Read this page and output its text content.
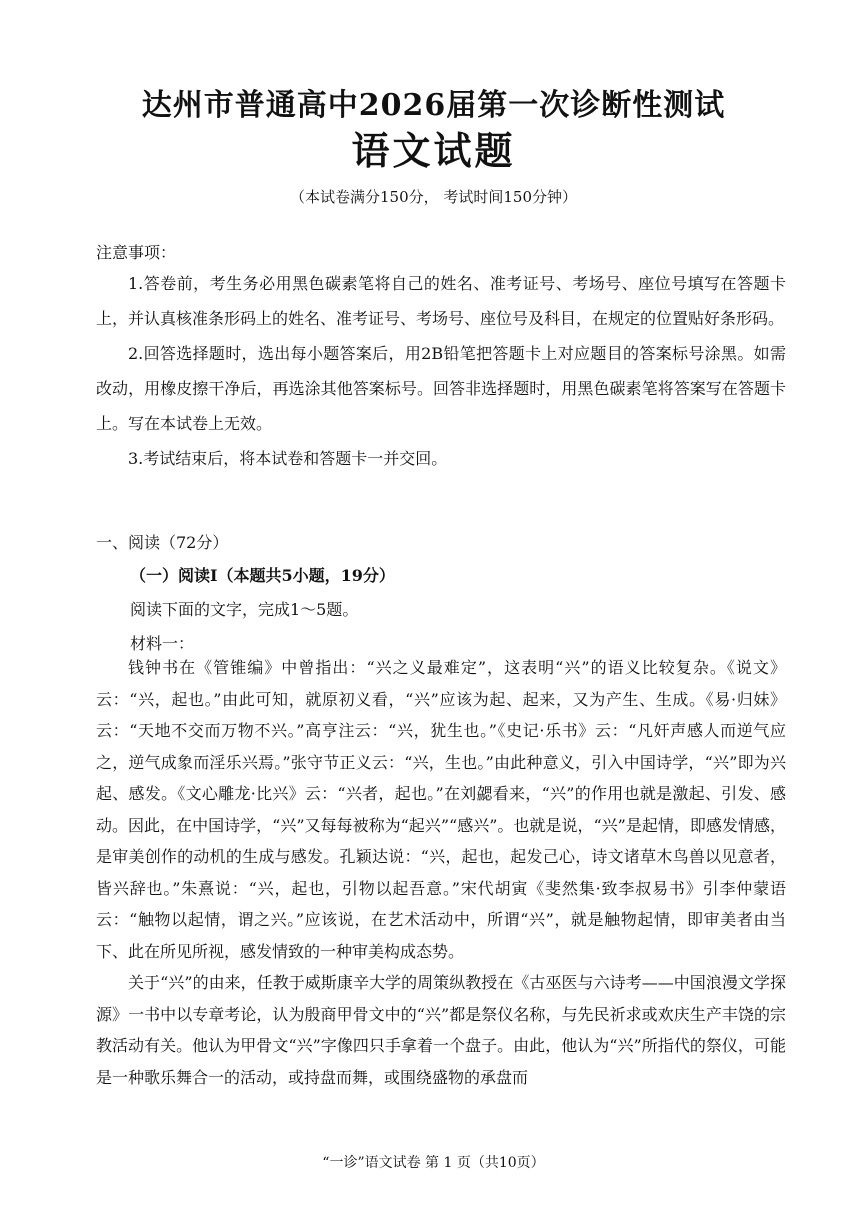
达州市普通高中2026届第一次诊断性测试
语文试题
（本试卷满分150分， 考试时间150分钟）
注意事项：

1.答卷前，考生务必用黑色碳素笔将自己的姓名、准考证号、考场号、座位号填写在答题卡上，并认真核准条形码上的姓名、准考证号、考场号、座位号及科目，在规定的位置贴好条形码。

2.回答选择题时，选出每小题答案后，用2B铅笔把答题卡上对应题目的答案标号涂黑。如需改动，用橡皮擦干净后，再选涂其他答案标号。回答非选择题时，用黑色碳素笔将答案写在答题卡上。写在本试卷上无效。

3.考试结束后，将本试卷和答题卡一并交回。

一、阅读（72分）
（一）阅读Ⅰ（本题共5小题，19分）
阅读下面的文字，完成1～5题。
材料一：

钱钟书在《管锥编》中曾指出：“兴之义最难定”，这表明“兴”的语义比较复杂。《说文》云：“兴，起也。”由此可知，就原初义看，“兴”应该为起、起来，又为产生、生成。《易·归妹》云：“天地不交而万物不兴。”高亨注云：“兴，犹生也。”《史记·乐书》云：“凡奸声感人而逆气应之，逆气成象而淫乐兴焉。”张守节正义云：“兴，生也。”由此种意义，引入中国诗学，“兴”即为兴起、感发。《文心雕龙·比兴》云：“兴者，起也。”在刘勰看来，“兴”的作用也就是激起、引发、感动。因此，在中国诗学，“兴”又每每被称为“起兴”“感兴”。也就是说，“兴”是起情，即感发情感，是审美创作的动机的生成与感发。孔颖达说：“兴，起也，起发己心，诗文诸草木鸟兽以见意者，皆兴辞也。”朱熹说：“兴，起也，引物以起吾意。”宋代胡寅《斐然集·致李叔易书》引李仲蒙语云：“触物以起情，谓之兴。”应该说，在艺术活动中，所谓“兴”，就是触物起情，即审美者由当下、此在所见所视，感发情致的一种审美构成态势。

关于“兴”的由来，任教于威斯康辛大学的周策纵教授在《古巫医与六诗考——中国浪漫文学探源》一书中以专章考论，认为殷商甲骨文中的“兴”都是祭仪名称，与先民祈求或欢庆生产丰饶的宗教活动有关。他认为甲骨文“兴”字像四只手拿着一个盘子。由此，他认为“兴”所指代的祭仪，可能是一种歌乐舞合一的活动，或持盘而舞，或围绕盛物的承盘而

“一诊”语文试卷 第 1 页（共10页）
